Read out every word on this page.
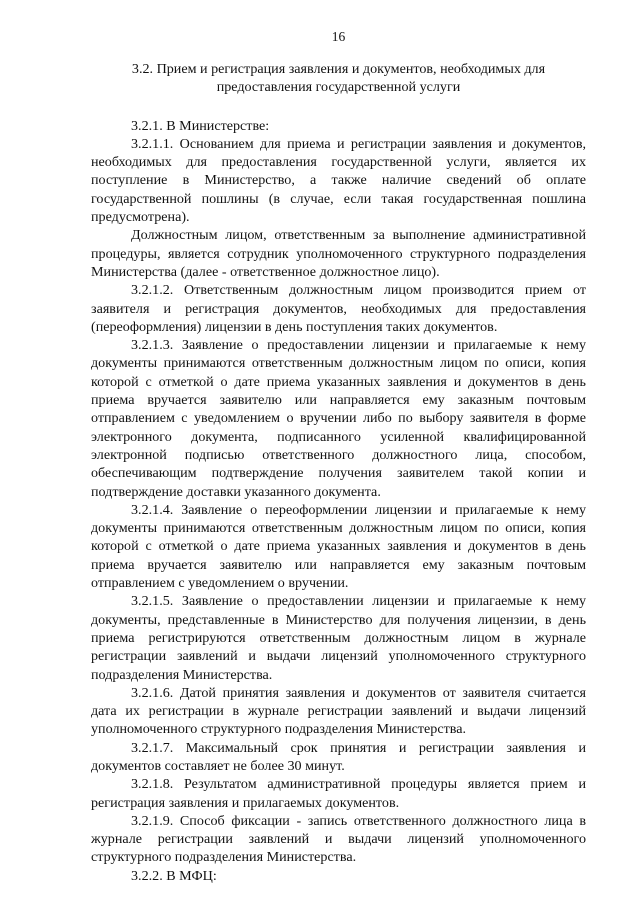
16
3.2. Прием и регистрация заявления и документов, необходимых для предоставления государственной услуги

3.2.1. В Министерстве:

3.2.1.1. Основанием для приема и регистрации заявления и документов, необходимых для предоставления государственной услуги, является их поступление в Министерство, а также наличие сведений об оплате государственной пошлины (в случае, если такая государственная пошлина предусмотрена).

Должностным лицом, ответственным за выполнение административной процедуры, является сотрудник уполномоченного структурного подразделения Министерства (далее - ответственное должностное лицо).

3.2.1.2. Ответственным должностным лицом производится прием от заявителя и регистрация документов, необходимых для предоставления (переоформления) лицензии в день поступления таких документов.

3.2.1.3. Заявление о предоставлении лицензии и прилагаемые к нему документы принимаются ответственным должностным лицом по описи, копия которой с отметкой о дате приема указанных заявления и документов в день приема вручается заявителю или направляется ему заказным почтовым отправлением с уведомлением о вручении либо по выбору заявителя в форме электронного документа, подписанного усиленной квалифицированной электронной подписью ответственного должностного лица, способом, обеспечивающим подтверждение получения заявителем такой копии и подтверждение доставки указанного документа.

3.2.1.4. Заявление о переоформлении лицензии и прилагаемые к нему документы принимаются ответственным должностным лицом по описи, копия которой с отметкой о дате приема указанных заявления и документов в день приема вручается заявителю или направляется ему заказным почтовым отправлением с уведомлением о вручении.

3.2.1.5. Заявление о предоставлении лицензии и прилагаемые к нему документы, представленные в Министерство для получения лицензии, в день приема регистрируются ответственным должностным лицом в журнале регистрации заявлений и выдачи лицензий уполномоченного структурного подразделения Министерства.

3.2.1.6. Датой принятия заявления и документов от заявителя считается дата их регистрации в журнале регистрации заявлений и выдачи лицензий уполномоченного структурного подразделения Министерства.

3.2.1.7. Максимальный срок принятия и регистрации заявления и документов составляет не более 30 минут.

3.2.1.8. Результатом административной процедуры является прием и регистрация заявления и прилагаемых документов.

3.2.1.9. Способ фиксации - запись ответственного должностного лица в журнале регистрации заявлений и выдачи лицензий уполномоченного структурного подразделения Министерства.

3.2.2. В МФЦ:
